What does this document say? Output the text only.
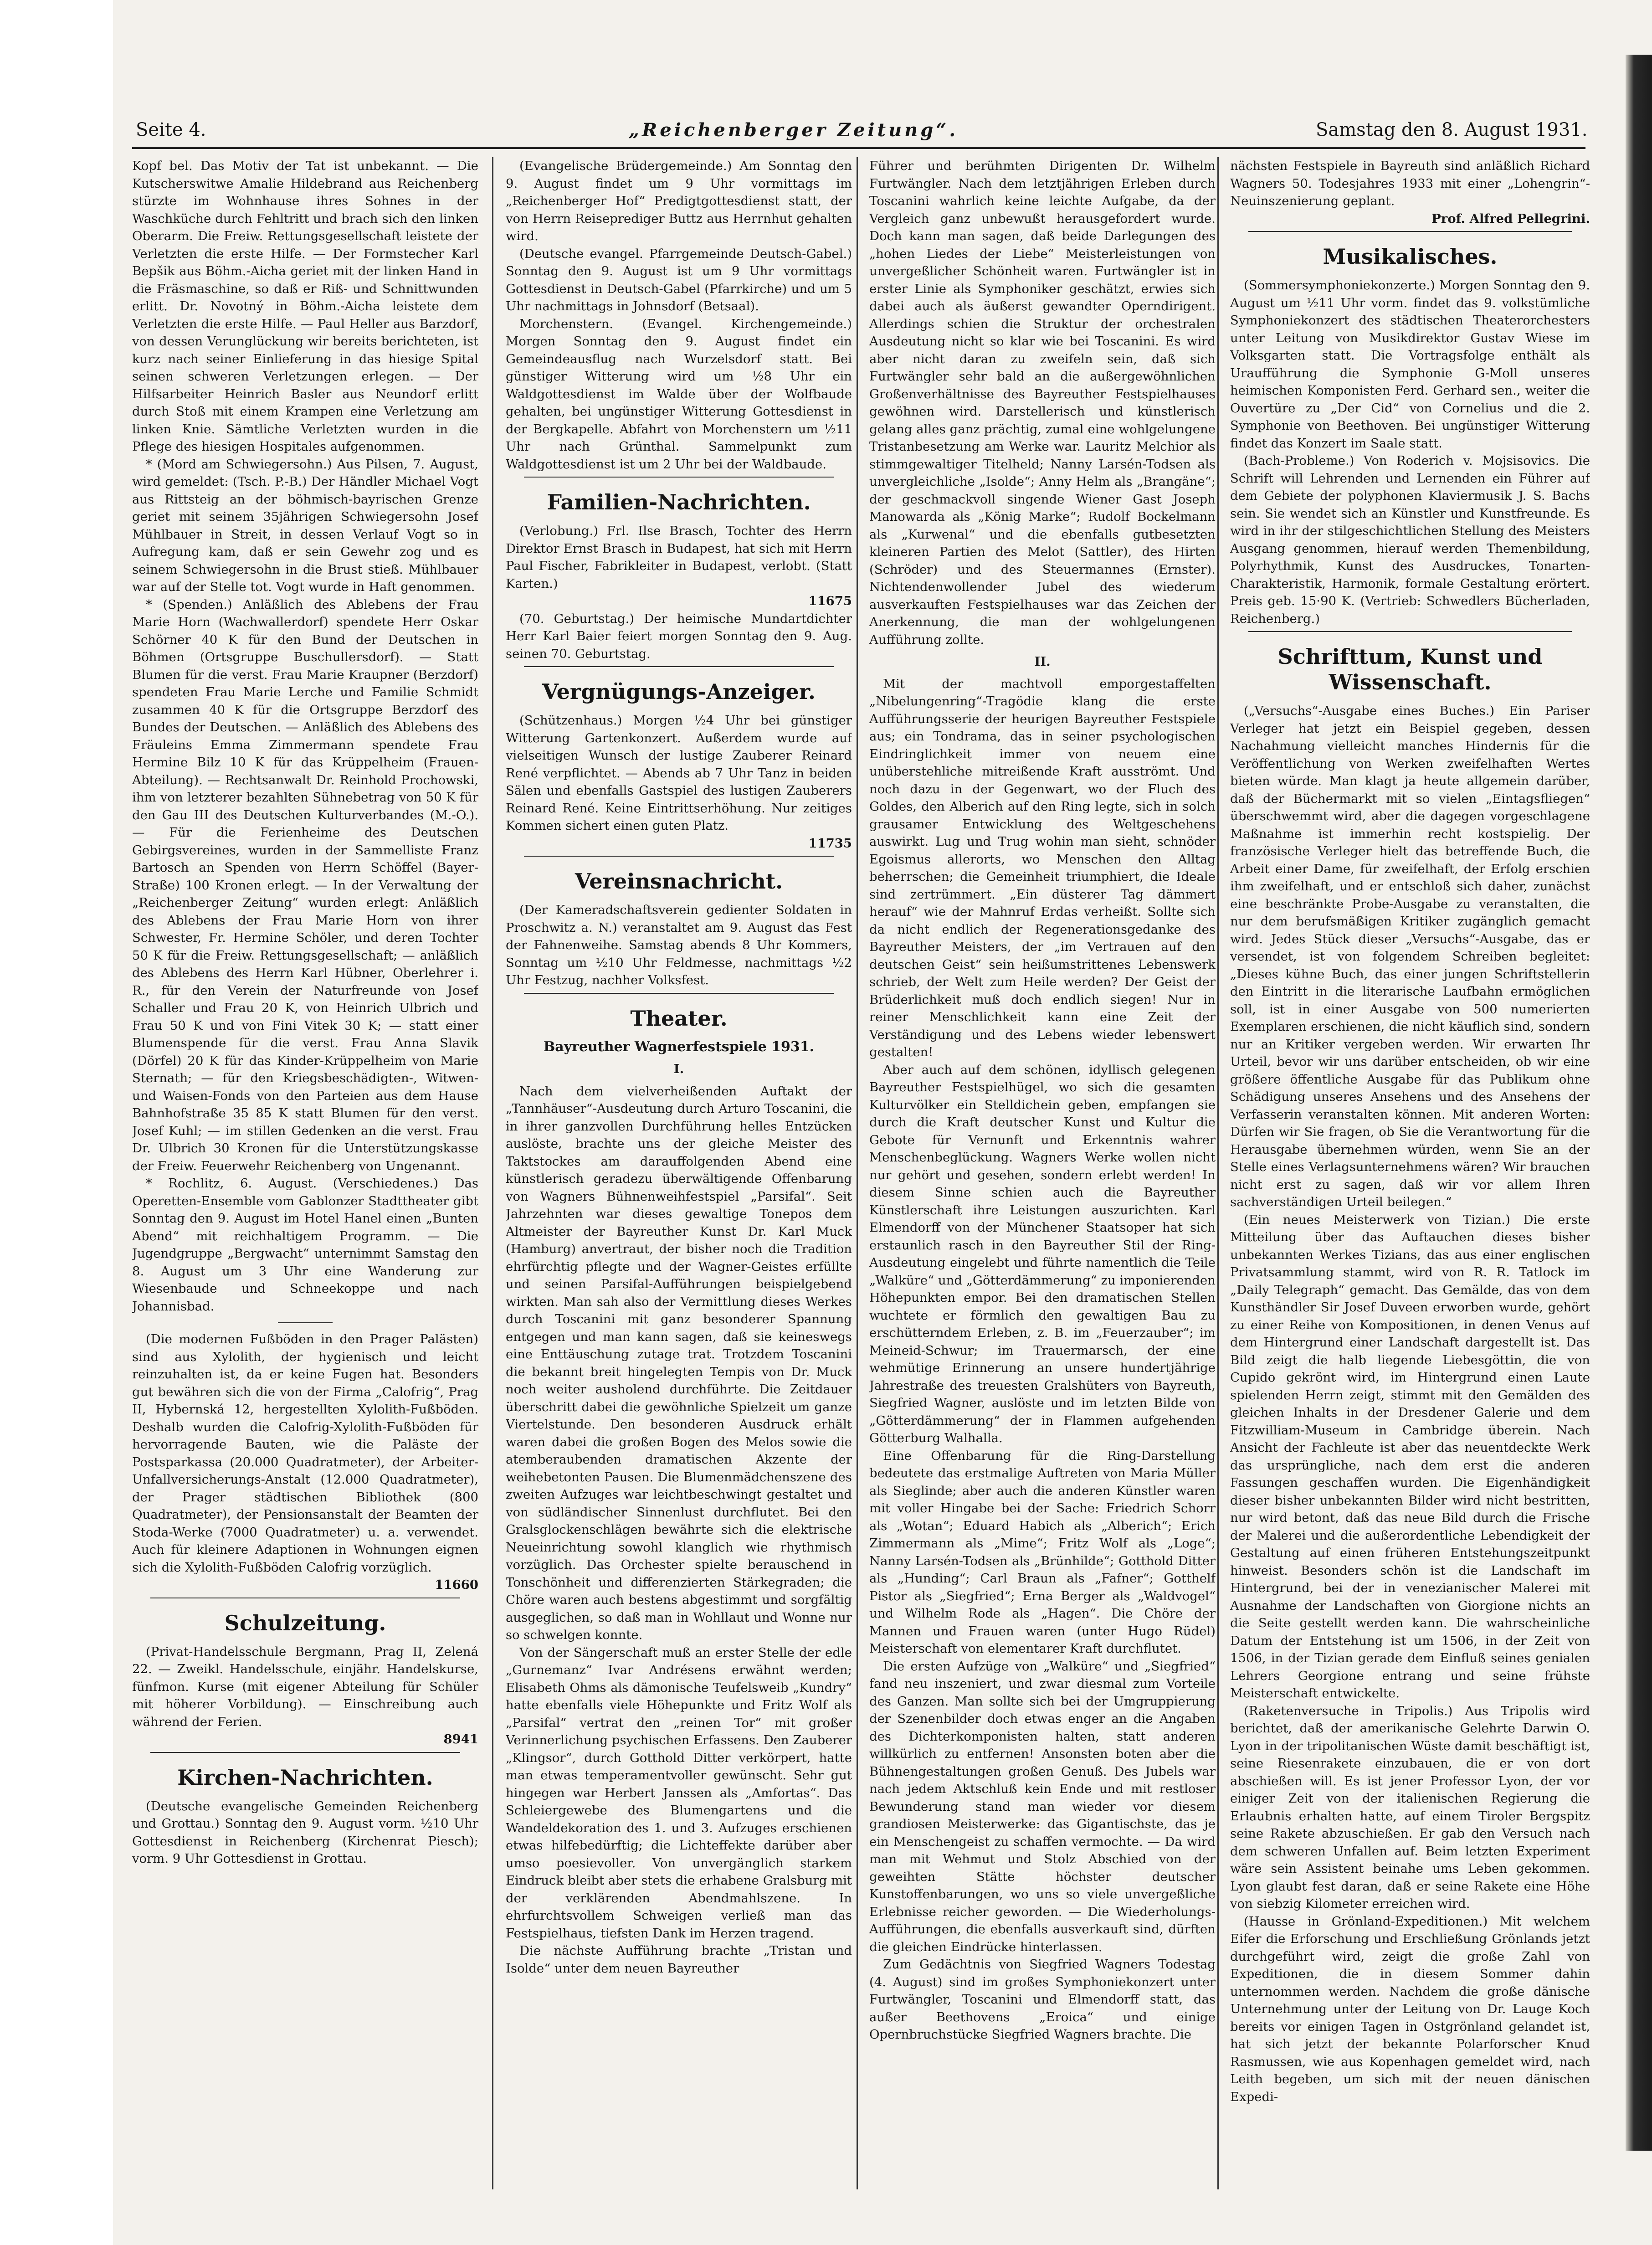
Seite 4.	„Reichenberger Zeitung“.	Samstag den 8. August 1931.

Kopf bel. Das Motiv der Tat ist unbekannt. — Die Kutscherswitwe Amalie Hildebrand aus Reichenberg stürzte im Wohnhause ihres Sohnes in der Waschküche durch Fehltritt und brach sich den linken Oberarm. Die Freiw. Rettungsgesellschaft leistete der Verletzten die erste Hilfe. — Der Formstecher Karl Bepšik aus Böhm.-Aicha geriet mit der linken Hand in die Fräsmaschine, so daß er Riß- und Schnittwunden erlitt. Dr. Novotný in Böhm.-Aicha leistete dem Verletzten die erste Hilfe. — Paul Heller aus Barzdorf, von dessen Verunglückung wir bereits berichteten, ist kurz nach seiner Einlieferung in das hiesige Spital seinen schweren Verletzungen erlegen. — Der Hilfsarbeiter Heinrich Basler aus Neundorf erlitt durch Stoß mit einem Krampen eine Verletzung am linken Knie. Sämtliche Verletzten wurden in die Pflege des hiesigen Hospitales aufgenommen.

* (Mord am Schwiegersohn.) Aus Pilsen, 7. August, wird gemeldet: (Tsch. P.-B.) Der Händler Michael Vogt aus Rittsteig an der böhmisch-bayrischen Grenze geriet mit seinem 35jährigen Schwiegersohn Josef Mühlbauer in Streit, in dessen Verlauf Vogt so in Aufregung kam, daß er sein Gewehr zog und es seinem Schwiegersohn in die Brust stieß. Mühlbauer war auf der Stelle tot. Vogt wurde in Haft genommen.

* (Spenden.) Anläßlich des Ablebens der Frau Marie Horn (Wachwallerdorf) spendete Herr Oskar Schörner 40 K für den Bund der Deutschen in Böhmen (Ortsgruppe Buschullersdorf). — Statt Blumen für die verst. Frau Marie Kraupner (Berzdorf) spendeten Frau Marie Lerche und Familie Schmidt zusammen 40 K für die Ortsgruppe Berzdorf des Bundes der Deutschen. — Anläßlich des Ablebens des Fräuleins Emma Zimmermann spendete Frau Hermine Bilz 10 K für das Krüppelheim (Frauen-Abteilung). — Rechtsanwalt Dr. Reinhold Prochowski, ihm von letzterer bezahlten Sühnebetrag von 50 K für den Gau III des Deutschen Kulturverbandes (M.-O.). — Für die Ferienheime des Deutschen Gebirgsvereines, wurden in der Sammelliste Franz Bartosch an Spenden von Herrn Schöffel (Bayer-Straße) 100 Kronen erlegt. — In der Verwaltung der „Reichenberger Zeitung“ wurden erlegt: Anläßlich des Ablebens der Frau Marie Horn von ihrer Schwester, Fr. Hermine Schöler, und deren Tochter 50 K für die Freiw. Rettungsgesellschaft; — anläßlich des Ablebens des Herrn Karl Hübner, Oberlehrer i. R., für den Verein der Naturfreunde von Josef Schaller und Frau 20 K, von Heinrich Ulbrich und Frau 50 K und von Fini Vitek 30 K; — statt einer Blumenspende für die verst. Frau Anna Slavik (Dörfel) 20 K für das Kinder-Krüppelheim von Marie Sternath; — für den Kriegsbeschädigten-, Witwen- und Waisen-Fonds von den Parteien aus dem Hause Bahnhofstraße 35 85 K statt Blumen für den verst. Josef Kuhl; — im stillen Gedenken an die verst. Frau Dr. Ulbrich 30 Kronen für die Unterstützungskasse der Freiw. Feuerwehr Reichenberg von Ungenannt.

* Rochlitz, 6. August. (Verschiedenes.) Das Operetten-Ensemble vom Gablonzer Stadttheater gibt Sonntag den 9. August im Hotel Hanel einen „Bunten Abend“ mit reichhaltigem Programm. — Die Jugendgruppe „Bergwacht“ unternimmt Samstag den 8. August um 3 Uhr eine Wanderung zur Wiesenbaude und Schneekoppe und nach Johannisbad.

(Die modernen Fußböden in den Prager Palästen) sind aus Xylolith, der hygienisch und leicht reinzuhalten ist, da er keine Fugen hat. Besonders gut bewähren sich die von der Firma „Calofrig“, Prag II, Hybernská 12, hergestellten Xylolith-Fußböden. Deshalb wurden die Calofrig-Xylolith-Fußböden für hervorragende Bauten, wie die Paläste der Postsparkassa (20.000 Quadratmeter), der Arbeiter-Unfallversicherungs-Anstalt (12.000 Quadratmeter), der Prager städtischen Bibliothek (800 Quadratmeter), der Pensionsanstalt der Beamten der Stoda-Werke (7000 Quadratmeter) u. a. verwendet. Auch für kleinere Adaptionen in Wohnungen eignen sich die Xylolith-Fußböden Calofrig vorzüglich.

11660
Schulzeitung.

(Privat-Handelsschule Bergmann, Prag II, Zelená 22. — Zweikl. Handelsschule, einjähr. Handelskurse, fünfmon. Kurse (mit eigener Abteilung für Schüler mit höherer Vorbildung). — Einschreibung auch während der Ferien.

8941
Kirchen-Nachrichten.

(Deutsche evangelische Gemeinden Reichenberg und Grottau.) Sonntag den 9. August vorm. ½10 Uhr Gottesdienst in Reichenberg (Kirchenrat Piesch); vorm. 9 Uhr Gottesdienst in Grottau.

(Evangelische Brüdergemeinde.) Am Sonntag den 9. August findet um 9 Uhr vormittags im „Reichenberger Hof“ Predigtgottesdienst statt, der von Herrn Reiseprediger Buttz aus Herrnhut gehalten wird.

(Deutsche evangel. Pfarrgemeinde Deutsch-Gabel.) Sonntag den 9. August ist um 9 Uhr vormittags Gottesdienst in Deutsch-Gabel (Pfarrkirche) und um 5 Uhr nachmittags in Johnsdorf (Betsaal).

Morchenstern. (Evangel. Kirchengemeinde.) Morgen Sonntag den 9. August findet ein Gemeindeausflug nach Wurzelsdorf statt. Bei günstiger Witterung wird um ½8 Uhr ein Waldgottesdienst im Walde über der Wolfbaude gehalten, bei ungünstiger Witterung Gottesdienst in der Bergkapelle. Abfahrt von Morchenstern um ½11 Uhr nach Grünthal. Sammelpunkt zum Waldgottesdienst ist um 2 Uhr bei der Waldbaude.

Familien-Nachrichten.

(Verlobung.) Frl. Ilse Brasch, Tochter des Herrn Direktor Ernst Brasch in Budapest, hat sich mit Herrn Paul Fischer, Fabrikleiter in Budapest, verlobt. (Statt Karten.)

11675

(70. Geburtstag.) Der heimische Mundartdichter Herr Karl Baier feiert morgen Sonntag den 9. Aug. seinen 70. Geburtstag.

Vergnügungs-Anzeiger.

(Schützenhaus.) Morgen ½4 Uhr bei günstiger Witterung Gartenkonzert. Außerdem wurde auf vielseitigen Wunsch der lustige Zauberer Reinard René verpflichtet. — Abends ab 7 Uhr Tanz in beiden Sälen und ebenfalls Gastspiel des lustigen Zauberers Reinard René. Keine Eintrittserhöhung. Nur zeitiges Kommen sichert einen guten Platz.

11735
Vereinsnachricht.

(Der Kameradschaftsverein gedienter Soldaten in Proschwitz a. N.) veranstaltet am 9. August das Fest der Fahnenweihe. Samstag abends 8 Uhr Kommers, Sonntag um ½10 Uhr Feldmesse, nachmittags ½2 Uhr Festzug, nachher Volksfest.

Theater.
Bayreuther Wagnerfestspiele 1931.
I.

Nach dem vielverheißenden Auftakt der „Tannhäuser“-Ausdeutung durch Arturo Toscanini, die in ihrer ganzvollen Durchführung helles Entzücken auslöste, brachte uns der gleiche Meister des Taktstockes am darauffolgenden Abend eine künstlerisch geradezu überwältigende Offenbarung von Wagners Bühnenweihfestspiel „Parsifal“. Seit Jahrzehnten war dieses gewaltige Tonepos dem Altmeister der Bayreuther Kunst Dr. Karl Muck (Hamburg) anvertraut, der bisher noch die Tradition ehrfürchtig pflegte und der Wagner-Geistes erfüllte und seinen Parsifal-Aufführungen beispielgebend wirkten. Man sah also der Vermittlung dieses Werkes durch Toscanini mit ganz besonderer Spannung entgegen und man kann sagen, daß sie keineswegs eine Enttäuschung zutage trat. Trotzdem Toscanini die bekannt breit hingelegten Tempis von Dr. Muck noch weiter ausholend durchführte. Die Zeitdauer überschritt dabei die gewöhnliche Spielzeit um ganze Viertelstunde. Den besonderen Ausdruck erhält waren dabei die großen Bogen des Melos sowie die atemberaubenden dramatischen Akzente der weihebetonten Pausen. Die Blumenmädchenszene des zweiten Aufzuges war leichtbeschwingt gestaltet und von südländischer Sinnenlust durchflutet. Bei den Gralsglockenschlägen bewährte sich die elektrische Neueinrichtung sowohl klanglich wie rhythmisch vorzüglich. Das Orchester spielte berauschend in Tonschönheit und differenzierten Stärkegraden; die Chöre waren auch bestens abgestimmt und sorgfältig ausgeglichen, so daß man in Wohllaut und Wonne nur so schwelgen konnte.

Von der Sängerschaft muß an erster Stelle der edle „Gurnemanz“ Ivar Andrésens erwähnt werden; Elisabeth Ohms als dämonische Teufelsweib „Kundry“ hatte ebenfalls viele Höhepunkte und Fritz Wolf als „Parsifal“ vertrat den „reinen Tor“ mit großer Verinnerlichung psychischen Erfassens. Den Zauberer „Klingsor“, durch Gotthold Ditter verkörpert, hatte man etwas temperamentvoller gewünscht. Sehr gut hingegen war Herbert Janssen als „Amfortas“. Das Schleiergewebe des Blumengartens und die Wandeldekoration des 1. und 3. Aufzuges erschienen etwas hilfebedürftig; die Lichteffekte darüber aber umso poesievoller. Von unvergänglich starkem Eindruck bleibt aber stets die erhabene Gralsburg mit der verklärenden Abendmahlszene. In ehrfurchtsvollem Schweigen verließ man das Festspielhaus, tiefsten Dank im Herzen tragend.

Die nächste Aufführung brachte „Tristan und Isolde“ unter dem neuen Bayreuther

Führer und berühmten Dirigenten Dr. Wilhelm Furtwängler. Nach dem letztjährigen Erleben durch Toscanini wahrlich keine leichte Aufgabe, da der Vergleich ganz unbewußt herausgefordert wurde. Doch kann man sagen, daß beide Darlegungen des „hohen Liedes der Liebe“ Meisterleistungen von unvergeßlicher Schönheit waren. Furtwängler ist in erster Linie als Symphoniker geschätzt, erwies sich dabei auch als äußerst gewandter Operndirigent. Allerdings schien die Struktur der orchestralen Ausdeutung nicht so klar wie bei Toscanini. Es wird aber nicht daran zu zweifeln sein, daß sich Furtwängler sehr bald an die außergewöhnlichen Großenverhältnisse des Bayreuther Festspielhauses gewöhnen wird. Darstellerisch und künstlerisch gelang alles ganz prächtig, zumal eine wohlgelungene Tristanbesetzung am Werke war. Lauritz Melchior als stimmgewaltiger Titelheld; Nanny Larsén-Todsen als unvergleichliche „Isolde“; Anny Helm als „Brangäne“; der geschmackvoll singende Wiener Gast Joseph Manowarda als „König Marke“; Rudolf Bockelmann als „Kurwenal“ und die ebenfalls gutbesetzten kleineren Partien des Melot (Sattler), des Hirten (Schröder) und des Steuermannes (Ernster). Nichtendenwollender Jubel des wiederum ausverkauften Festspielhauses war das Zeichen der Anerkennung, die man der wohlgelungenen Aufführung zollte.

II.

Mit der machtvoll emporgestaffelten „Nibelungenring“-Tragödie klang die erste Aufführungsserie der heurigen Bayreuther Festspiele aus; ein Tondrama, das in seiner psychologischen Eindringlichkeit immer von neuem eine unüberstehliche mitreißende Kraft ausströmt. Und noch dazu in der Gegenwart, wo der Fluch des Goldes, den Alberich auf den Ring legte, sich in solch grausamer Entwicklung des Weltgeschehens auswirkt. Lug und Trug wohin man sieht, schnöder Egoismus allerorts, wo Menschen den Alltag beherrschen; die Gemeinheit triumphiert, die Ideale sind zertrümmert. „Ein düsterer Tag dämmert herauf“ wie der Mahnruf Erdas verheißt. Sollte sich da nicht endlich der Regenerationsgedanke des Bayreuther Meisters, der „im Vertrauen auf den deutschen Geist“ sein heißumstrittenes Lebenswerk schrieb, der Welt zum Heile werden? Der Geist der Brüderlichkeit muß doch endlich siegen! Nur in reiner Menschlichkeit kann eine Zeit der Verständigung und des Lebens wieder lebenswert gestalten!

Aber auch auf dem schönen, idyllisch gelegenen Bayreuther Festspielhügel, wo sich die gesamten Kulturvölker ein Stelldichein geben, empfangen sie durch die Kraft deutscher Kunst und Kultur die Gebote für Vernunft und Erkenntnis wahrer Menschenbeglückung. Wagners Werke wollen nicht nur gehört und gesehen, sondern erlebt werden! In diesem Sinne schien auch die Bayreuther Künstlerschaft ihre Leistungen auszurichten. Karl Elmendorff von der Münchener Staatsoper hat sich erstaunlich rasch in den Bayreuther Stil der Ring-Ausdeutung eingelebt und führte namentlich die Teile „Walküre“ und „Götterdämmerung“ zu imponierenden Höhepunkten empor. Bei den dramatischen Stellen wuchtete er förmlich den gewaltigen Bau zu erschütterndem Erleben, z. B. im „Feuerzauber“; im Meineid-Schwur; im Trauermarsch, der eine wehmütige Erinnerung an unsere hundertjährige Jahrestraße des treuesten Gralshüters von Bayreuth, Siegfried Wagner, auslöste und im letzten Bilde von „Götterdämmerung“ der in Flammen aufgehenden Götterburg Walhalla.

Eine Offenbarung für die Ring-Darstellung bedeutete das erstmalige Auftreten von Maria Müller als Sieglinde; aber auch die anderen Künstler waren mit voller Hingabe bei der Sache: Friedrich Schorr als „Wotan“; Eduard Habich als „Alberich“; Erich Zimmermann als „Mime“; Fritz Wolf als „Loge“; Nanny Larsén-Todsen als „Brünhilde“; Gotthold Ditter als „Hunding“; Carl Braun als „Fafner“; Gotthelf Pistor als „Siegfried“; Erna Berger als „Waldvogel“ und Wilhelm Rode als „Hagen“. Die Chöre der Mannen und Frauen waren (unter Hugo Rüdel) Meisterschaft von elementarer Kraft durchflutet.

Die ersten Aufzüge von „Walküre“ und „Siegfried“ fand neu inszeniert, und zwar diesmal zum Vorteile des Ganzen. Man sollte sich bei der Umgruppierung der Szenenbilder doch etwas enger an die Angaben des Dichterkomponisten halten, statt anderen willkürlich zu entfernen! Ansonsten boten aber die Bühnengestaltungen großen Genuß. Des Jubels war nach jedem Aktschluß kein Ende und mit restloser Bewunderung stand man wieder vor diesem grandiosen Meisterwerke: das Gigantischste, das je ein Menschengeist zu schaffen vermochte. — Da wird man mit Wehmut und Stolz Abschied von der geweihten Stätte höchster deutscher Kunstoffenbarungen, wo uns so viele unvergeßliche Erlebnisse reicher geworden. — Die Wiederholungs-Aufführungen, die ebenfalls ausverkauft sind, dürften die gleichen Eindrücke hinterlassen.

Zum Gedächtnis von Siegfried Wagners Todestag (4. August) sind im großes Symphoniekonzert unter Furtwängler, Toscanini und Elmendorff statt, das außer Beethovens „Eroica“ und einige Opernbruchstücke Siegfried Wagners brachte. Die

nächsten Festspiele in Bayreuth sind anläßlich Richard Wagners 50. Todesjahres 1933 mit einer „Lohengrin“-Neuinszenierung geplant.

Prof. Alfred Pellegrini.
Musikalisches.

(Sommersymphoniekonzerte.) Morgen Sonntag den 9. August um ½11 Uhr vorm. findet das 9. volkstümliche Symphoniekonzert des städtischen Theaterorchesters unter Leitung von Musikdirektor Gustav Wiese im Volksgarten statt. Die Vortragsfolge enthält als Uraufführung die Symphonie G-Moll unseres heimischen Komponisten Ferd. Gerhard sen., weiter die Ouvertüre zu „Der Cid“ von Cornelius und die 2. Symphonie von Beethoven. Bei ungünstiger Witterung findet das Konzert im Saale statt.

(Bach-Probleme.) Von Roderich v. Mojsisovics. Die Schrift will Lehrenden und Lernenden ein Führer auf dem Gebiete der polyphonen Klaviermusik J. S. Bachs sein. Sie wendet sich an Künstler und Kunstfreunde. Es wird in ihr der stilgeschichtlichen Stellung des Meisters Ausgang genommen, hierauf werden Themenbildung, Polyrhythmik, Kunst des Ausdruckes, Tonarten-Charakteristik, Harmonik, formale Gestaltung erörtert. Preis geb. 15·90 K. (Vertrieb: Schwedlers Bücherladen, Reichenberg.)

Schrifttum, Kunst und Wissenschaft.

(„Versuchs“-Ausgabe eines Buches.) Ein Pariser Verleger hat jetzt ein Beispiel gegeben, dessen Nachahmung vielleicht manches Hindernis für die Veröffentlichung von Werken zweifelhaften Wertes bieten würde. Man klagt ja heute allgemein darüber, daß der Büchermarkt mit so vielen „Eintagsfliegen“ überschwemmt wird, aber die dagegen vorgeschlagene Maßnahme ist immerhin recht kostspielig. Der französische Verleger hielt das betreffende Buch, die Arbeit einer Dame, für zweifelhaft, der Erfolg erschien ihm zweifelhaft, und er entschloß sich daher, zunächst eine beschränkte Probe-Ausgabe zu veranstalten, die nur dem berufsmäßigen Kritiker zugänglich gemacht wird. Jedes Stück dieser „Versuchs“-Ausgabe, das er versendet, ist von folgendem Schreiben begleitet: „Dieses kühne Buch, das einer jungen Schriftstellerin den Eintritt in die literarische Laufbahn ermöglichen soll, ist in einer Ausgabe von 500 numerierten Exemplaren erschienen, die nicht käuflich sind, sondern nur an Kritiker vergeben werden. Wir erwarten Ihr Urteil, bevor wir uns darüber entscheiden, ob wir eine größere öffentliche Ausgabe für das Publikum ohne Schädigung unseres Ansehens und des Ansehens der Verfasserin veranstalten können. Mit anderen Worten: Dürfen wir Sie fragen, ob Sie die Verantwortung für die Herausgabe übernehmen würden, wenn Sie an der Stelle eines Verlagsunternehmens wären? Wir brauchen nicht erst zu sagen, daß wir vor allem Ihren sachverständigen Urteil beilegen.“

(Ein neues Meisterwerk von Tizian.) Die erste Mitteilung über das Auftauchen dieses bisher unbekannten Werkes Tizians, das aus einer englischen Privatsammlung stammt, wird von R. R. Tatlock im „Daily Telegraph“ gemacht. Das Gemälde, das von dem Kunsthändler Sir Josef Duveen erworben wurde, gehört zu einer Reihe von Kompositionen, in denen Venus auf dem Hintergrund einer Landschaft dargestellt ist. Das Bild zeigt die halb liegende Liebesgöttin, die von Cupido gekrönt wird, im Hintergrund einen Laute spielenden Herrn zeigt, stimmt mit den Gemälden des gleichen Inhalts in der Dresdener Galerie und dem Fitzwilliam-Museum in Cambridge überein. Nach Ansicht der Fachleute ist aber das neuentdeckte Werk das ursprüngliche, nach dem erst die anderen Fassungen geschaffen wurden. Die Eigenhändigkeit dieser bisher unbekannten Bilder wird nicht bestritten, nur wird betont, daß das neue Bild durch die Frische der Malerei und die außerordentliche Lebendigkeit der Gestaltung auf einen früheren Entstehungszeitpunkt hinweist. Besonders schön ist die Landschaft im Hintergrund, bei der in venezianischer Malerei mit Ausnahme der Landschaften von Giorgione nichts an die Seite gestellt werden kann. Die wahrscheinliche Datum der Entstehung ist um 1506, in der Zeit von 1506, in der Tizian gerade dem Einfluß seines genialen Lehrers Georgione entrang und seine frühste Meisterschaft entwickelte.

(Raketenversuche in Tripolis.) Aus Tripolis wird berichtet, daß der amerikanische Gelehrte Darwin O. Lyon in der tripolitanischen Wüste damit beschäftigt ist, seine Riesenrakete einzubauen, die er von dort abschießen will. Es ist jener Professor Lyon, der vor einiger Zeit von der italienischen Regierung die Erlaubnis erhalten hatte, auf einem Tiroler Bergspitz seine Rakete abzuschießen. Er gab den Versuch nach dem schweren Unfallen auf. Beim letzten Experiment wäre sein Assistent beinahe ums Leben gekommen. Lyon glaubt fest daran, daß er seine Rakete eine Höhe von siebzig Kilometer erreichen wird.

(Hausse in Grönland-Expeditionen.) Mit welchem Eifer die Erforschung und Erschließung Grönlands jetzt durchgeführt wird, zeigt die große Zahl von Expeditionen, die in diesem Sommer dahin unternommen werden. Nachdem die große dänische Unternehmung unter der Leitung von Dr. Lauge Koch bereits vor einigen Tagen in Ostgrönland gelandet ist, hat sich jetzt der bekannte Polarforscher Knud Rasmussen, wie aus Kopenhagen gemeldet wird, nach Leith begeben, um sich mit der neuen dänischen Expedi-
